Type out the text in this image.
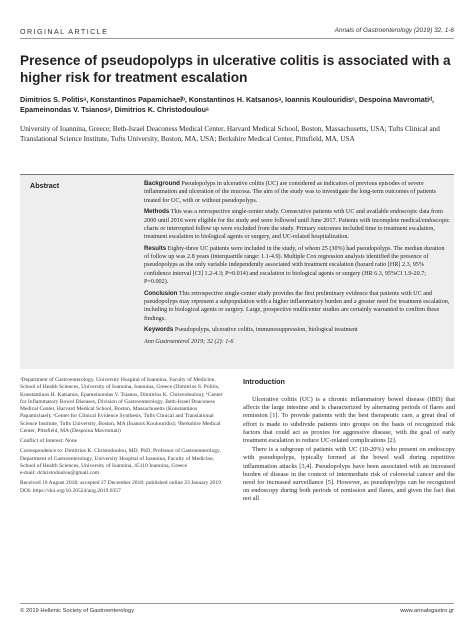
ORIGINAL ARTICLE	Annals of Gastroenterology (2019) 32, 1-6
Presence of pseudopolyps in ulcerative colitis is associated with a higher risk for treatment escalation
Dimitrios S. Politisᵃ, Konstantinos Papamichaelᵇ, Konstantinos H. Katsanosᵃ, Ioannis Koulouridisᶜ, Despoina Mavromatiᵈ, Epameinondas V. Tsianosᵃ, Dimitrios K. Christodoulouᵃ
University of Ioannina, Greece; Beth-Israel Deaconess Medical Center, Harvard Medical School, Boston, Massachusetts, USA; Tufts Clinical and Translational Science Institute, Tufts University, Boston, MA, USA; Berkshire Medical Center, Pittsfield, MA, USA
Abstract	Background Pseudopolyps in ulcerative colitis (UC) are considered as indicators of previous episodes of severe inflammation and ulceration of the mucosa. The aim of the study was to investigate the long-term outcomes of patients treated for UC, with or without pseudopolyps.

Methods This was a retrospective single-center study. Consecutive patients with UC and available endoscopic data from 2000 until 2016 were eligible for the study and were followed until June 2017. Patients with incomplete medical/endoscopic charts or interrupted follow up were excluded from the study. Primary outcomes included time to treatment escalation, treatment escalation to biological agents or surgery, and UC-related hospitalization.

Results Eighty-three UC patients were included in the study, of whom 25 (30%) had pseudopolyps. The median duration of follow up was 2.8 years (interquartile range: 1.1-4.9). Multiple Cox regression analysis identified the presence of pseudopolyps as the only variable independently associated with treatment escalation (hazard ratio [HR] 2.3, 95% confidence interval [CI] 1.2-4.3; P=0.014) and escalation to biological agents or surgery (HR 6.3, 95%CI 1.9-20.7; P=0.002).

Conclusion This retrospective single-center study provides the first preliminary evidence that patients with UC and pseudopolyps may represent a subpopulation with a higher inflammatory burden and a greater need for treatment escalation, including to biological agents or surgery. Large, prospective multicenter studies are certainly warranted to confirm these findings.

Keywords Pseudopolyps, ulcerative colitis, immunosuppression, biological treatment

Ann Gastroenterol 2019; 32 (2): 1-6

ᵃDepartment of Gastroenterology, University Hospital of Ioannina, Faculty of Medicine, School of Health Sciences, University of Ioannina, Ioannina, Greece (Dimitrios S. Politis, Konstantinos H. Katsanos, Epameinondas V. Tsianos, Dimitrios K. Christodoulou); ᵇCenter for Inflammatory Bowel Diseases, Division of Gastroenterology, Beth-Israel Deaconess Medical Center, Harvard Medical School, Boston, Massachusetts (Konstantinos Papamichael); ᶜCenter for Clinical Evidence Synthesis, Tufts Clinical and Translational Science Institute, Tufts University, Boston, MA (Ioannis Koulouridis); ᵈBerkshire Medical Center, Pittsfield, MA (Despoina Mavromati)

Conflict of Interest: None

Correspondence to: Dimitrios K. Christodoulou, MD, PhD, Professor of Gastroenterology, Department of Gastroenterology, University Hospital of Ioannina, Faculty of Medicine, School of Health Sciences, University of Ioannina, 45110 Ioannina, Greece

e-mail: dchristodoulou@gmail.com

Received 10 August 2018; accepted 27 December 2018; published online 23 January 2019

DOI: https://doi.org/10.20524/aog.2019.0357

Introduction

Ulcerative colitis (UC) is a chronic inflammatory bowel disease (IBD) that affects the large intestine and is characterized by alternating periods of flares and remission [1]. To provide patients with the best therapeutic care, a great deal of effort is made to subdivide patients into groups on the basis of recognized risk factors that could act as proxies for aggressive disease, with the goal of early treatment escalation to reduce UC-related complications [2].

There is a subgroup of patients with UC (10-20%) who present on endoscopy with pseudopolyps, typically formed at the bowel wall during repetitive inflammation attacks [3,4]. Pseudopolyps have been associated with an increased burden of disease in the context of intermediate risk of colorectal cancer and the need for increased surveillance [5]. However, as pseudopolyps can be recognized on endoscopy during both periods of remission and flares, and given the fact that not all

© 2019 Hellenic Society of Gastroenterology	www.annalsgastro.gr
